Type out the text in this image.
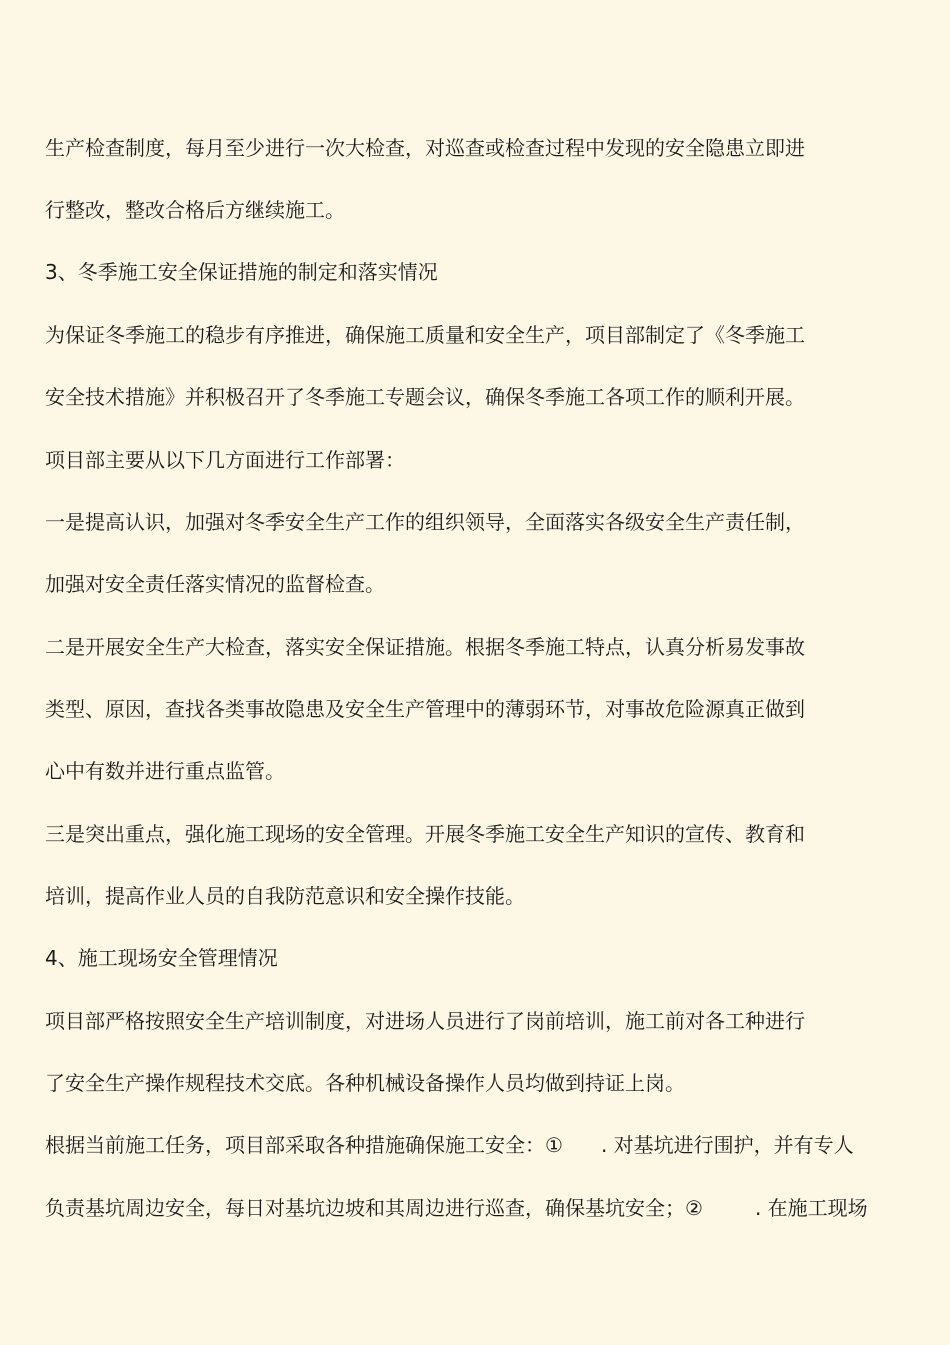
生产检查制度，每月至少进行一次大检查，对巡查或检查过程中发现的安全隐患立即进
行整改，整改合格后方继续施工。
3、冬季施工安全保证措施的制定和落实情况
为保证冬季施工的稳步有序推进，确保施工质量和安全生产，项目部制定了《冬季施工
安全技术措施》并积极召开了冬季施工专题会议，确保冬季施工各项工作的顺利开展。
项目部主要从以下几方面进行工作部署：
一是提高认识，加强对冬季安全生产工作的组织领导，全面落实各级安全生产责任制，
加强对安全责任落实情况的监督检查。
二是开展安全生产大检查，落实安全保证措施。根据冬季施工特点，认真分析易发事故
类型、原因，查找各类事故隐患及安全生产管理中的薄弱环节，对事故危险源真正做到
心中有数并进行重点监管。
三是突出重点，强化施工现场的安全管理。开展冬季施工安全生产知识的宣传、教育和
培训，提高作业人员的自我防范意识和安全操作技能。
4、施工现场安全管理情况
项目部严格按照安全生产培训制度，对进场人员进行了岗前培训，施工前对各工种进行
了安全生产操作规程技术交底。各种机械设备操作人员均做到持证上岗。
根据当前施工任务，项目部采取各种措施确保施工安全：① . 对基坑进行围护，并有专人
负责基坑周边安全，每日对基坑边坡和其周边进行巡查，确保基坑安全；②	. 在施工现场
